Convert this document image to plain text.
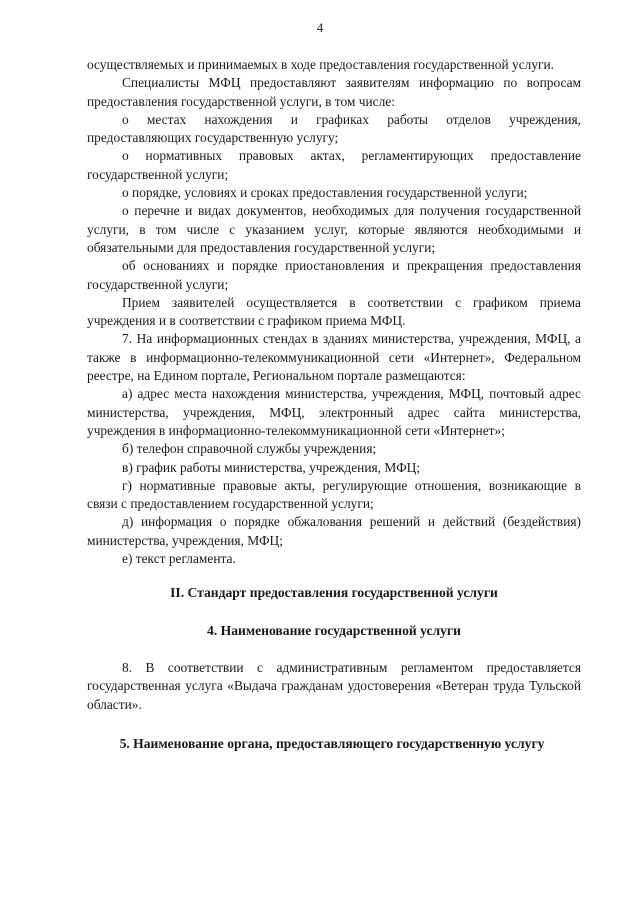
4

осуществляемых и принимаемых в ходе предоставления государственной услуги.

Специалисты МФЦ предоставляют заявителям информацию по вопросам предоставления государственной услуги, в том числе:

о местах нахождения и графиках работы отделов учреждения, предоставляющих государственную услугу;

о нормативных правовых актах, регламентирующих предоставление государственной услуги;

о порядке, условиях и сроках предоставления государственной услуги;

о перечне и видах документов, необходимых для получения государственной услуги, в том числе с указанием услуг, которые являются необходимыми и обязательными для предоставления государственной услуги;

об основаниях и порядке приостановления и прекращения предоставления государственной услуги;

Прием заявителей осуществляется в соответствии с графиком приема учреждения и в соответствии с графиком приема МФЦ.

7. На информационных стендах в зданиях министерства, учреждения, МФЦ, а также в информационно-телекоммуникационной сети «Интернет», Федеральном реестре, на Едином портале, Региональном портале размещаются:

а) адрес места нахождения министерства, учреждения, МФЦ, почтовый адрес министерства, учреждения, МФЦ, электронный адрес сайта министерства, учреждения в информационно-телекоммуникационной сети «Интернет»;

б) телефон справочной службы учреждения;

в) график работы министерства, учреждения, МФЦ;

г) нормативные правовые акты, регулирующие отношения, возникающие в связи с предоставлением государственной услуги;

д) информация о порядке обжалования решений и действий (бездействия) министерства, учреждения, МФЦ;

е) текст регламента.

II. Стандарт предоставления государственной услуги

4. Наименование государственной услуги

8. В соответствии с административным регламентом предоставляется государственная услуга «Выдача гражданам удостоверения «Ветеран труда Тульской области».

5. Наименование органа, предоставляющего государственную услугу
